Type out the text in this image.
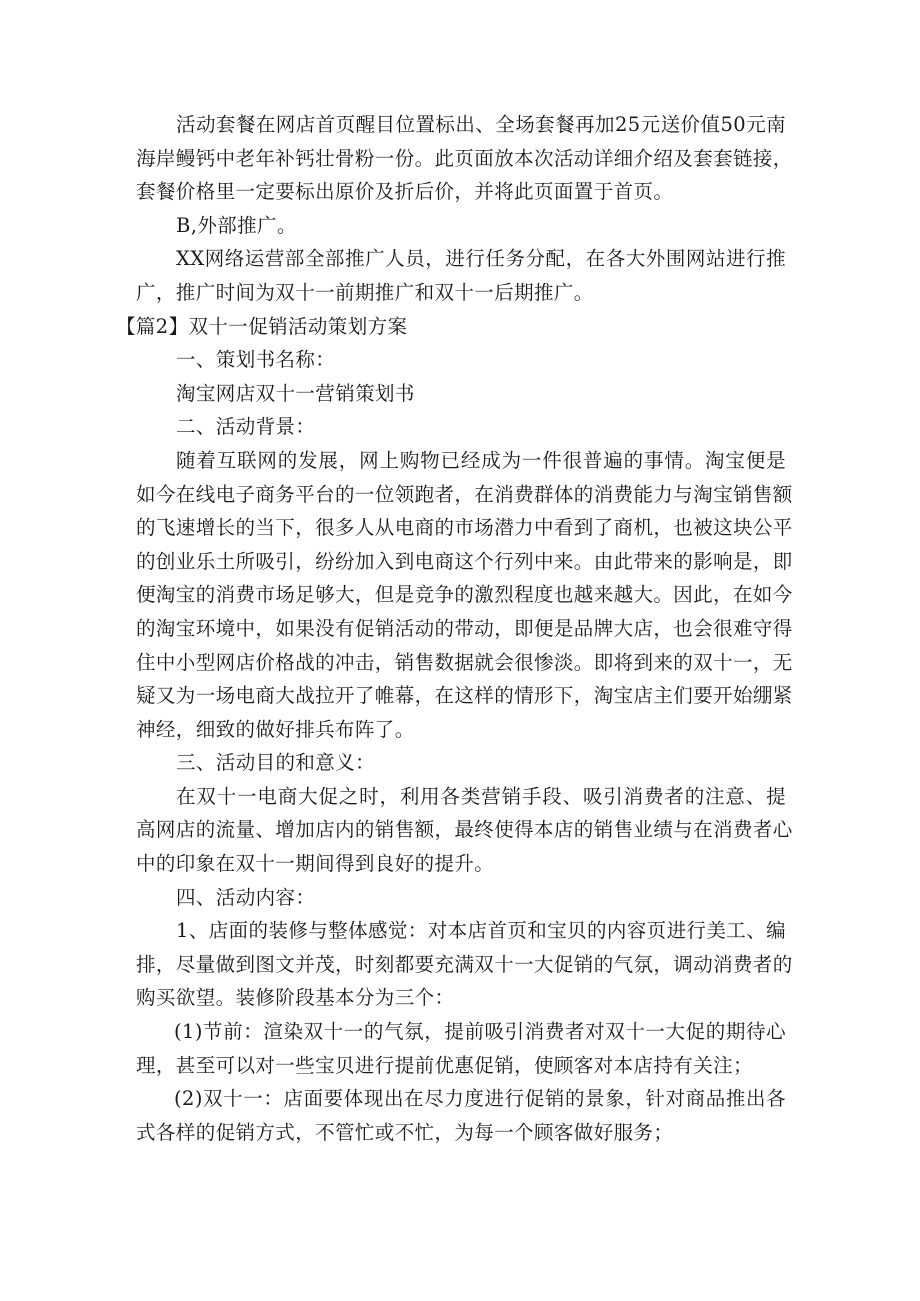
活动套餐在网店首页醒目位置标出、全场套餐再加25元送价值50元南
海岸鳗钙中老年补钙壮骨粉一份。此页面放本次活动详细介绍及套套链接，
套餐价格里一定要标出原价及折后价，并将此页面置于首页。
B,外部推广。
XX网络运营部全部推广人员，进行任务分配，在各大外围网站进行推
广，推广时间为双十一前期推广和双十一后期推广。
【篇2】双十一促销活动策划方案
一、策划书名称：
淘宝网店双十一营销策划书
二、活动背景：
随着互联网的发展，网上购物已经成为一件很普遍的事情。淘宝便是
如今在线电子商务平台的一位领跑者，在消费群体的消费能力与淘宝销售额
的飞速增长的当下，很多人从电商的市场潜力中看到了商机，也被这块公平
的创业乐土所吸引，纷纷加入到电商这个行列中来。由此带来的影响是，即
便淘宝的消费市场足够大，但是竞争的激烈程度也越来越大。因此，在如今
的淘宝环境中，如果没有促销活动的带动，即便是品牌大店，也会很难守得
住中小型网店价格战的冲击，销售数据就会很惨淡。即将到来的双十一，无
疑又为一场电商大战拉开了帷幕，在这样的情形下，淘宝店主们要开始绷紧
神经，细致的做好排兵布阵了。
三、活动目的和意义：
在双十一电商大促之时，利用各类营销手段、吸引消费者的注意、提
高网店的流量、增加店内的销售额，最终使得本店的销售业绩与在消费者心
中的印象在双十一期间得到良好的提升。
四、活动内容：
1、店面的装修与整体感觉：对本店首页和宝贝的内容页进行美工、编
排，尽量做到图文并茂，时刻都要充满双十一大促销的气氛，调动消费者的
购买欲望。装修阶段基本分为三个：
(1)节前：渲染双十一的气氛，提前吸引消费者对双十一大促的期待心
理，甚至可以对一些宝贝进行提前优惠促销，使顾客对本店持有关注；
(2)双十一：店面要体现出在尽力度进行促销的景象，针对商品推出各
式各样的促销方式，不管忙或不忙，为每一个顾客做好服务；
